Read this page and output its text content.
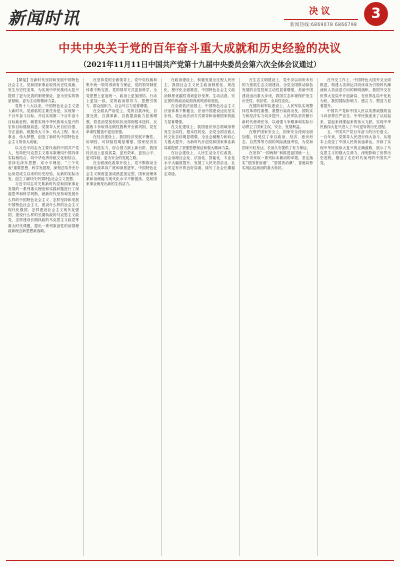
新闻时讯	决议
新闻热线:6869078 6866798
3
中共中央关于党的百年奋斗重大成就和历史经验的决议
（2021年11月11日中国共产党第十九届中央委员会第六次全体会议通过）

【紧接】在新时代坚持和发展中国特色社会主义，党和国家事业取得历史性成就、发生历史性变革，为实现中华民族伟大复兴提供了更为完善的制度保证、更为坚实的物质基础、更为主动的精神力量。

党的十八大以来，中国特色社会主义进入新时代。党面临的主要任务是，实现第一个百年奋斗目标，开启实现第二个百年奋斗目标新征程，朝着实现中华民族伟大复兴的宏伟目标继续前进。党领导人民自信自强、守正创新，统揽伟大斗争、伟大工程、伟大事业、伟大梦想，创造了新时代中国特色社会主义的伟大成就。

以习近平同志为主要代表的中国共产党人，坚持把马克思主义基本原理同中国具体实际相结合、同中华优秀传统文化相结合，坚持毛泽东思想、邓小平理论、“三个代表”重要思想、科学发展观，深刻总结并充分运用党成立以来的历史经验，从新的实际出发，创立了新时代中国特色社会主义思想。

习近平同志对关系新时代党和国家事业发展的一系列重大理论和实践问题进行了深邃思考和科学判断，就新时代坚持和发展什么样的中国特色社会主义、怎样坚持和发展中国特色社会主义，建设什么样的社会主义现代化强国、怎样建设社会主义现代化强国，建设什么样的长期执政的马克思主义政党、怎样建设长期执政的马克思主义政党等重大时代课题，提出一系列原创性的治国理政新理念新思想新战略。

在坚持党的全面领导上，党中央权威和集中统一领导得到有力保证，党的领导制度体系不断完善，党的领导方式更加科学，全党思想上更加统一、政治上更加团结、行动上更加一致，党的政治领导力、思想引领力、群众组织力、社会号召力显著增强。

在全面从严治党上，党的自我净化、自我完善、自我革新、自我提高能力显著增强，管党治党宽松软状况得到根本扭转，反腐败斗争取得压倒性胜利并全面巩固，党在革命性锻造中更加坚强。

在经济建设上，我国经济发展平衡性、协调性、可持续性明显增强，国家经济实力、科技实力、综合国力跃上新台阶，我国经济迈上更高质量、更有效率、更加公平、更可持续、更为安全的发展之路。

在全面深化改革开放上，党不断推动全面深化改革向广度和深度进军，中国特色社会主义制度更加成熟更加定型，国家治理体系和治理能力现代化水平不断提高，党和国家事业焕发出新的生机活力。

在政治建设上，积极发展全过程人民民主，我国社会主义民主政治制度化、规范化、程序化全面推进，中国特色社会主义政治制度优越性得到更好发挥，生动活泼、安定团结的政治局面得到巩固和发展。

在全面依法治国上，中国特色社会主义法治体系不断健全，法治中国建设迈出坚实步伐，党运用法治方式领导和治理国家的能力显著增强。

在文化建设上，我国意识形态领域形势发生全局性、根本性转变，全党全国各族人民文化自信明显增强，全社会凝聚力和向心力极大提升，为新时代开创党和国家事业新局面提供了坚强思想保证和强大精神力量。

在社会建设上，人民生活全方位改善，社会治理社会化、法治化、智能化、专业化水平大幅度提升，发展了人民安居乐业、社会安定有序的良好局面，续写了社会长期稳定奇迹。

在生态文明建设上，党中央以前所未有的力度抓生态文明建设，全党全国推动绿色发展的自觉性和主动性显著增强，美丽中国建设迈出重大步伐，我国生态环境保护发生历史性、转折性、全局性变化。

在国防和军队建设上，人民军队实现整体性革命性重塑、重整行装再出发，国防实力和经济实力同步提升，人民军队坚决履行新时代使命任务，以顽强斗争精神和实际行动捍卫了国家主权、安全、发展利益。

在维护国家安全上，国家安全得到全面加强，经受住了来自政治、经济、意识形态、自然界等方面的风险挑战考验，为党和国家兴旺发达、长治久安提供了有力保证。

在坚持“一国两制”和推进祖国统一上，党中央采取一系列标本兼治的举措，坚定落实“爱国者治港”、“爱国者治澳”，香港局势实现由乱到治的重大转折。

在外交工作上，中国特色大国外交全面推进，构建人类命运共同体成为引领时代潮流和人类前进方向的鲜明旗帜，我国外交在世界大变局中开创新局、在世界乱局中化危为机，我国国际影响力、感召力、塑造力显著提升。

中国共产党和中国人民以英勇顽强的奋斗向世界庄严宣告，中华民族迎来了从站起来、富起来到强起来的伟大飞跃，实现中华民族伟大复兴进入了不可逆转的历史进程。

五、中国共产党百年奋斗的历史意义。一百年来，党领导人民进行伟大奋斗，从根本上改变了中国人民的前途命运，开辟了实现中华民族伟大复兴的正确道路，展示了马克思主义的强大生命力，深刻影响了世界历史进程，锻造了走在时代前列的中国共产党。
